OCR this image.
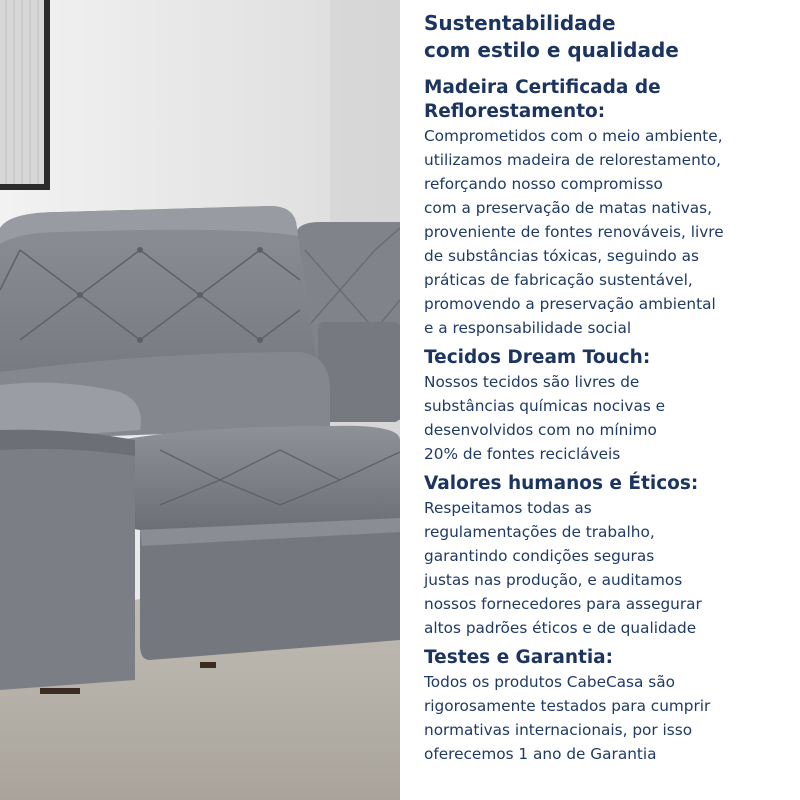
Sustentabilidade
com estilo e qualidade
Madeira Certificada de
Reflorestamento:

Comprometidos com o meio ambiente,
utilizamos madeira de relorestamento,
reforçando nosso compromisso
com a preservação de matas nativas,
proveniente de fontes renováveis, livre
de substâncias tóxicas, seguindo as
práticas de fabricação sustentável,
promovendo a preservação ambiental
e a responsabilidade social

Tecidos Dream Touch:

Nossos tecidos são livres de
substâncias químicas nocivas e
desenvolvidos com no mínimo
20% de fontes recicláveis

Valores humanos e Éticos:

Respeitamos todas as
regulamentações de trabalho,
garantindo condições seguras
justas nas produção, e auditamos
nossos fornecedores para assegurar
altos padrões éticos e de qualidade

Testes e Garantia:

Todos os produtos CabeCasa são
rigorosamente testados para cumprir
normativas internacionais, por isso
oferecemos 1 ano de Garantia
